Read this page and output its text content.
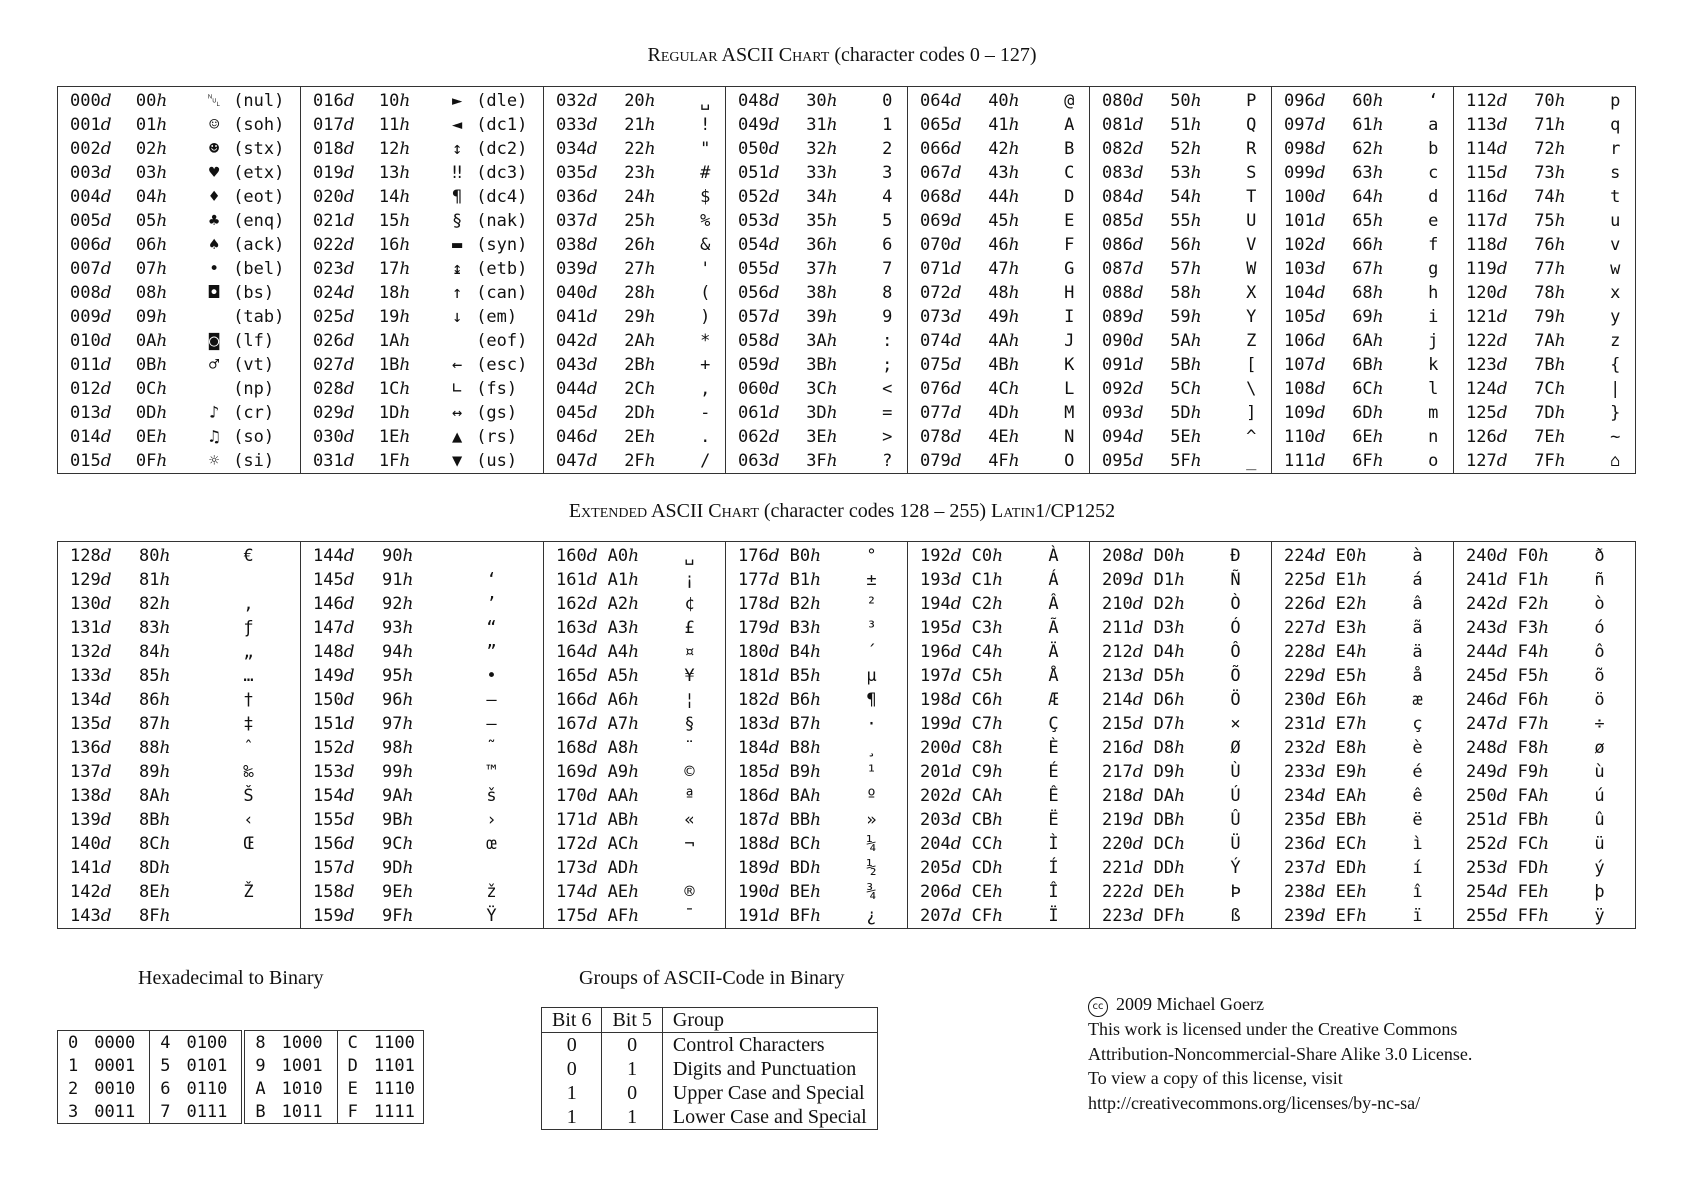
Regular ASCII Chart (character codes 0 – 127)
000d	00h	␀ (nul)
001d	01h	☺ (soh)
002d	02h	☻ (stx)
003d	03h	♥ (etx)
004d	04h	♦ (eot)
005d	05h	♣ (enq)
006d	06h	♠ (ack)
007d	07h	• (bel)
008d	08h	◘ (bs)
009d	09h	(tab)
010d	0Ah	◙ (lf)
011d	0Bh	♂ (vt)
012d	0Ch	(np)
013d	0Dh	♪ (cr)
014d	0Eh	♫ (so)
015d	0Fh	☼ (si)
016d	10h	► (dle)
017d	11h	◄ (dc1)
018d	12h	↕ (dc2)
019d	13h	‼ (dc3)
020d	14h	¶ (dc4)
021d	15h	§ (nak)
022d	16h	▬ (syn)
023d	17h	↨ (etb)
024d	18h	↑ (can)
025d	19h	↓ (em)
026d	1Ah	(eof)
027d	1Bh	← (esc)
028d	1Ch	∟ (fs)
029d	1Dh	↔ (gs)
030d	1Eh	▲ (rs)
031d	1Fh	▼ (us)
032d	20h	␣
033d	21h	!
034d	22h	"
035d	23h	#
036d	24h	$
037d	25h	%
038d	26h	&
039d	27h	'
040d	28h	(
041d	29h	)
042d	2Ah	*
043d	2Bh	+
044d	2Ch	,
045d	2Dh	-
046d	2Eh	.
047d	2Fh	/
048d	30h	0
049d	31h	1
050d	32h	2
051d	33h	3
052d	34h	4
053d	35h	5
054d	36h	6
055d	37h	7
056d	38h	8
057d	39h	9
058d	3Ah	:
059d	3Bh	;
060d	3Ch	<
061d	3Dh	=
062d	3Eh	>
063d	3Fh	?
064d	40h	@
065d	41h	A
066d	42h	B
067d	43h	C
068d	44h	D
069d	45h	E
070d	46h	F
071d	47h	G
072d	48h	H
073d	49h	I
074d	4Ah	J
075d	4Bh	K
076d	4Ch	L
077d	4Dh	M
078d	4Eh	N
079d	4Fh	O
080d	50h	P
081d	51h	Q
082d	52h	R
083d	53h	S
084d	54h	T
085d	55h	U
086d	56h	V
087d	57h	W
088d	58h	X
089d	59h	Y
090d	5Ah	Z
091d	5Bh	[
092d	5Ch	\
093d	5Dh	]
094d	5Eh	^
095d	5Fh	_
096d	60h	‘
097d	61h	a
098d	62h	b
099d	63h	c
100d	64h	d
101d	65h	e
102d	66h	f
103d	67h	g
104d	68h	h
105d	69h	i
106d	6Ah	j
107d	6Bh	k
108d	6Ch	l
109d	6Dh	m
110d	6Eh	n
111d	6Fh	o
112d	70h	p
113d	71h	q
114d	72h	r
115d	73h	s
116d	74h	t
117d	75h	u
118d	76h	v
119d	77h	w
120d	78h	x
121d	79h	y
122d	7Ah	z
123d	7Bh	{
124d	7Ch	|
125d	7Dh	}
126d	7Eh	~
127d	7Fh	⌂
Extended ASCII Chart (character codes 128 – 255) Latin1/CP1252
128d	80h	€
129d	81h
130d	82h	‚
131d	83h	ƒ
132d	84h	„
133d	85h	…
134d	86h	†
135d	87h	‡
136d	88h	ˆ
137d	89h	‰
138d	8Ah	Š
139d	8Bh	‹
140d	8Ch	Œ
141d	8Dh
142d	8Eh	Ž
143d	8Fh
144d	90h
145d	91h	‘
146d	92h	’
147d	93h	“
148d	94h	”
149d	95h	•
150d	96h	–
151d	97h	—
152d	98h	˜
153d	99h	™
154d	9Ah	š
155d	9Bh	›
156d	9Ch	œ
157d	9Dh
158d	9Eh	ž
159d	9Fh	Ÿ
160d A0h	␣
161d A1h	¡
162d A2h	¢
163d A3h	£
164d A4h	¤
165d A5h	¥
166d A6h	¦
167d A7h	§
168d A8h	¨
169d A9h	©
170d AAh	ª
171d ABh	«
172d ACh	¬
173d ADh
174d AEh	®
175d AFh	¯
176d B0h	°
177d B1h	±
178d B2h	²
179d B3h	³
180d B4h	´
181d B5h	µ
182d B6h	¶
183d B7h	·
184d B8h	¸
185d B9h	¹
186d BAh	º
187d BBh	»
188d BCh	¼
189d BDh	½
190d BEh	¾
191d BFh	¿
192d C0h	À
193d C1h	Á
194d C2h	Â
195d C3h	Ã
196d C4h	Ä
197d C5h	Å
198d C6h	Æ
199d C7h	Ç
200d C8h	È
201d C9h	É
202d CAh	Ê
203d CBh	Ë
204d CCh	Ì
205d CDh	Í
206d CEh	Î
207d CFh	Ï
208d D0h	Ð
209d D1h	Ñ
210d D2h	Ò
211d D3h	Ó
212d D4h	Ô
213d D5h	Õ
214d D6h	Ö
215d D7h	×
216d D8h	Ø
217d D9h	Ù
218d DAh	Ú
219d DBh	Û
220d DCh	Ü
221d DDh	Ý
222d DEh	Þ
223d DFh	ß
224d E0h	à
225d E1h	á
226d E2h	â
227d E3h	ã
228d E4h	ä
229d E5h	å
230d E6h	æ
231d E7h	ç
232d E8h	è
233d E9h	é
234d EAh	ê
235d EBh	ë
236d ECh	ì
237d EDh	í
238d EEh	î
239d EFh	ï
240d F0h	ð
241d F1h	ñ
242d F2h	ò
243d F3h	ó
244d F4h	ô
245d F5h	õ
246d F6h	ö
247d F7h	÷
248d F8h	ø
249d F9h	ù
250d FAh	ú
251d FBh	û
252d FCh	ü
253d FDh	ý
254d FEh	þ
255d FFh	ÿ
Hexadecimal to Binary
0	0000	4	0100	8	1000	C	1100
1	0001	5	0101	9	1001	D	1101
2	0010	6	0110	A	1010	E	1110
3	0011	7	0111	B	1011	F	1111
Groups of ASCII-Code in Binary
Bit 6	Bit 5	Group
0	0	Control Characters
0	1	Digits and Punctuation
1	0	Upper Case and Special
1	1	Lower Case and Special
cc 2009 Michael Goerz
This work is licensed under the Creative Commons
Attribution-Noncommercial-Share Alike 3.0 License.
To view a copy of this license, visit
http://creativecommons.org/licenses/by-nc-sa/
